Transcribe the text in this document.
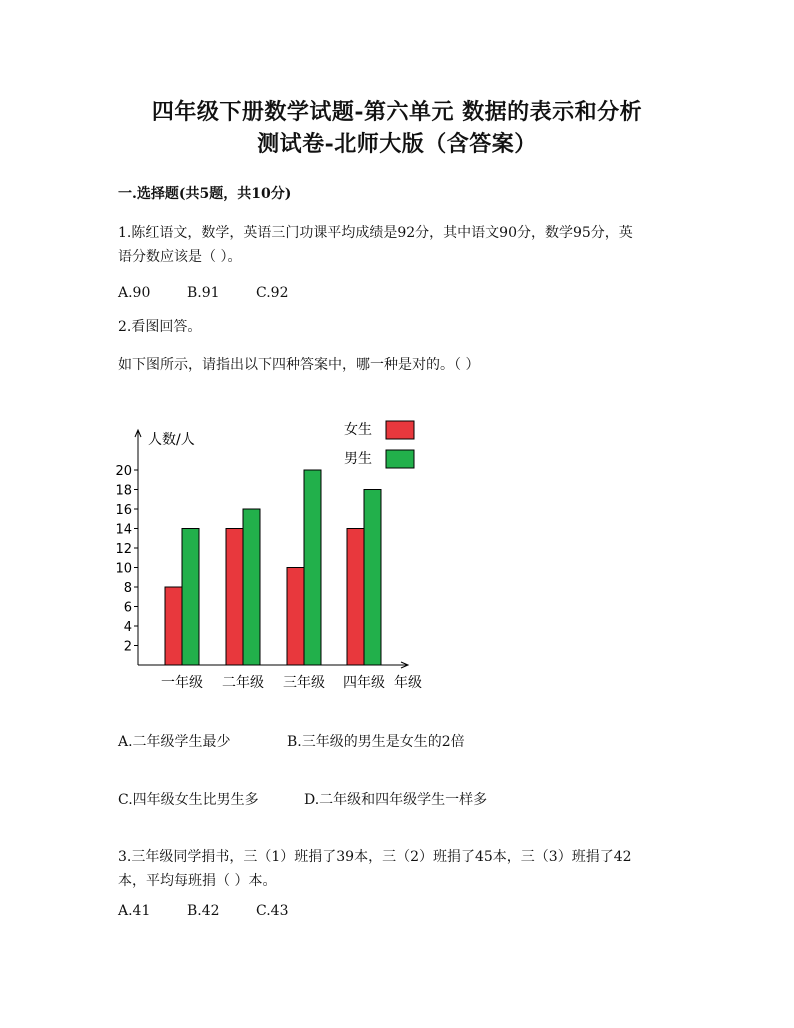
四年级下册数学试题-第六单元 数据的表示和分析
测试卷-北师大版（含答案）
一.选择题(共5题，共10分)
1.陈红语文，数学，英语三门功课平均成绩是92分，其中语文90分，数学95分，英
语分数应该是（ ）。
A.90	B.91	C.92
2.看图回答。
如下图所示，请指出以下四种答案中，哪一种是对的。（ ）
人数/人
年级
2
4
6
8
10
12
14
16
18
20
一年级 二年级 三年级 四年级
女生
男生
A.二年级学生最少	B.三年级的男生是女生的2倍
C.四年级女生比男生多	D.二年级和四年级学生一样多
3.三年级同学捐书，三（1）班捐了39本，三（2）班捐了45本，三（3）班捐了42
本，平均每班捐（ ）本。
A.41	B.42	C.43
